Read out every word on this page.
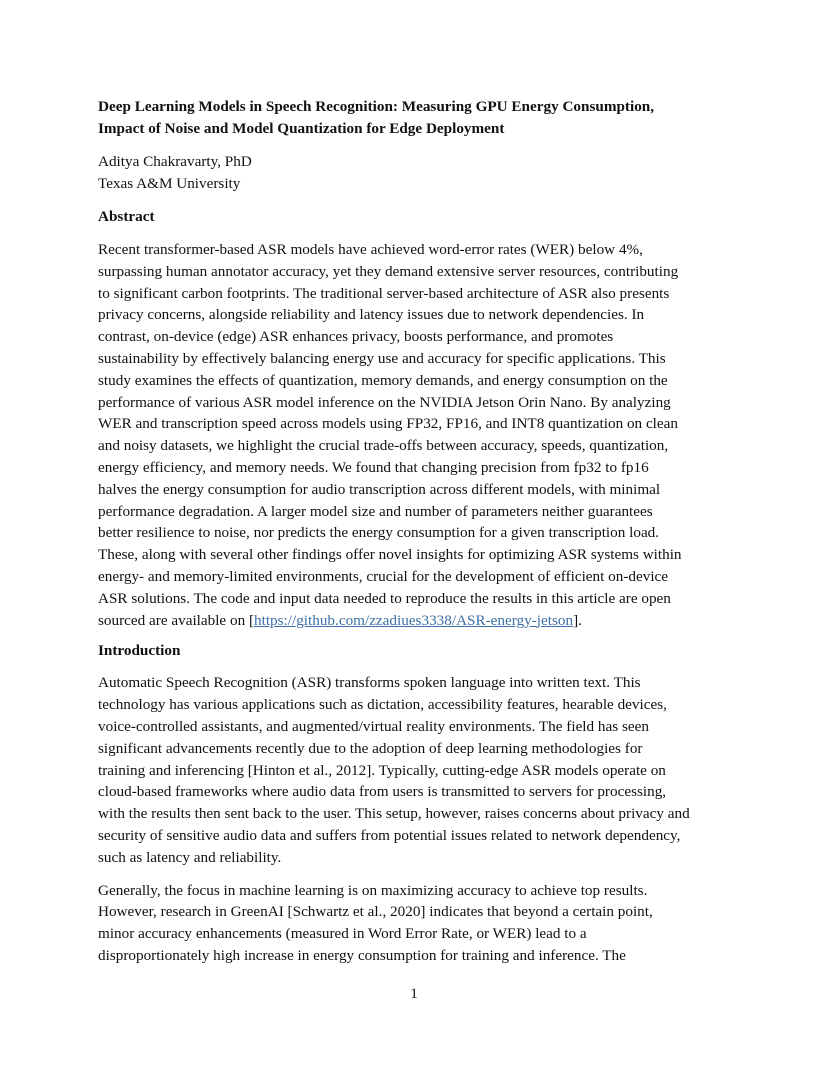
Deep Learning Models in Speech Recognition: Measuring GPU Energy Consumption,
Impact of Noise and Model Quantization for Edge Deployment
Aditya Chakravarty, PhD
Texas A&M University
Abstract
Recent transformer-based ASR models have achieved word-error rates (WER) below 4%,
surpassing human annotator accuracy, yet they demand extensive server resources, contributing
to significant carbon footprints. The traditional server-based architecture of ASR also presents
privacy concerns, alongside reliability and latency issues due to network dependencies. In
contrast, on-device (edge) ASR enhances privacy, boosts performance, and promotes
sustainability by effectively balancing energy use and accuracy for specific applications. This
study examines the effects of quantization, memory demands, and energy consumption on the
performance of various ASR model inference on the NVIDIA Jetson Orin Nano. By analyzing
WER and transcription speed across models using FP32, FP16, and INT8 quantization on clean
and noisy datasets, we highlight the crucial trade-offs between accuracy, speeds, quantization,
energy efficiency, and memory needs. We found that changing precision from fp32 to fp16
halves the energy consumption for audio transcription across different models, with minimal
performance degradation. A larger model size and number of parameters neither guarantees
better resilience to noise, nor predicts the energy consumption for a given transcription load.
These, along with several other findings offer novel insights for optimizing ASR systems within
energy- and memory-limited environments, crucial for the development of efficient on-device
ASR solutions. The code and input data needed to reproduce the results in this article are open
sourced are available on [https://github.com/zzadiues3338/ASR-energy-jetson].
Introduction
Automatic Speech Recognition (ASR) transforms spoken language into written text. This
technology has various applications such as dictation, accessibility features, hearable devices,
voice-controlled assistants, and augmented/virtual reality environments. The field has seen
significant advancements recently due to the adoption of deep learning methodologies for
training and inferencing [Hinton et al., 2012]. Typically, cutting-edge ASR models operate on
cloud-based frameworks where audio data from users is transmitted to servers for processing,
with the results then sent back to the user. This setup, however, raises concerns about privacy and
security of sensitive audio data and suffers from potential issues related to network dependency,
such as latency and reliability.
Generally, the focus in machine learning is on maximizing accuracy to achieve top results.
However, research in GreenAI [Schwartz et al., 2020] indicates that beyond a certain point,
minor accuracy enhancements (measured in Word Error Rate, or WER) lead to a
disproportionately high increase in energy consumption for training and inference. The
1
